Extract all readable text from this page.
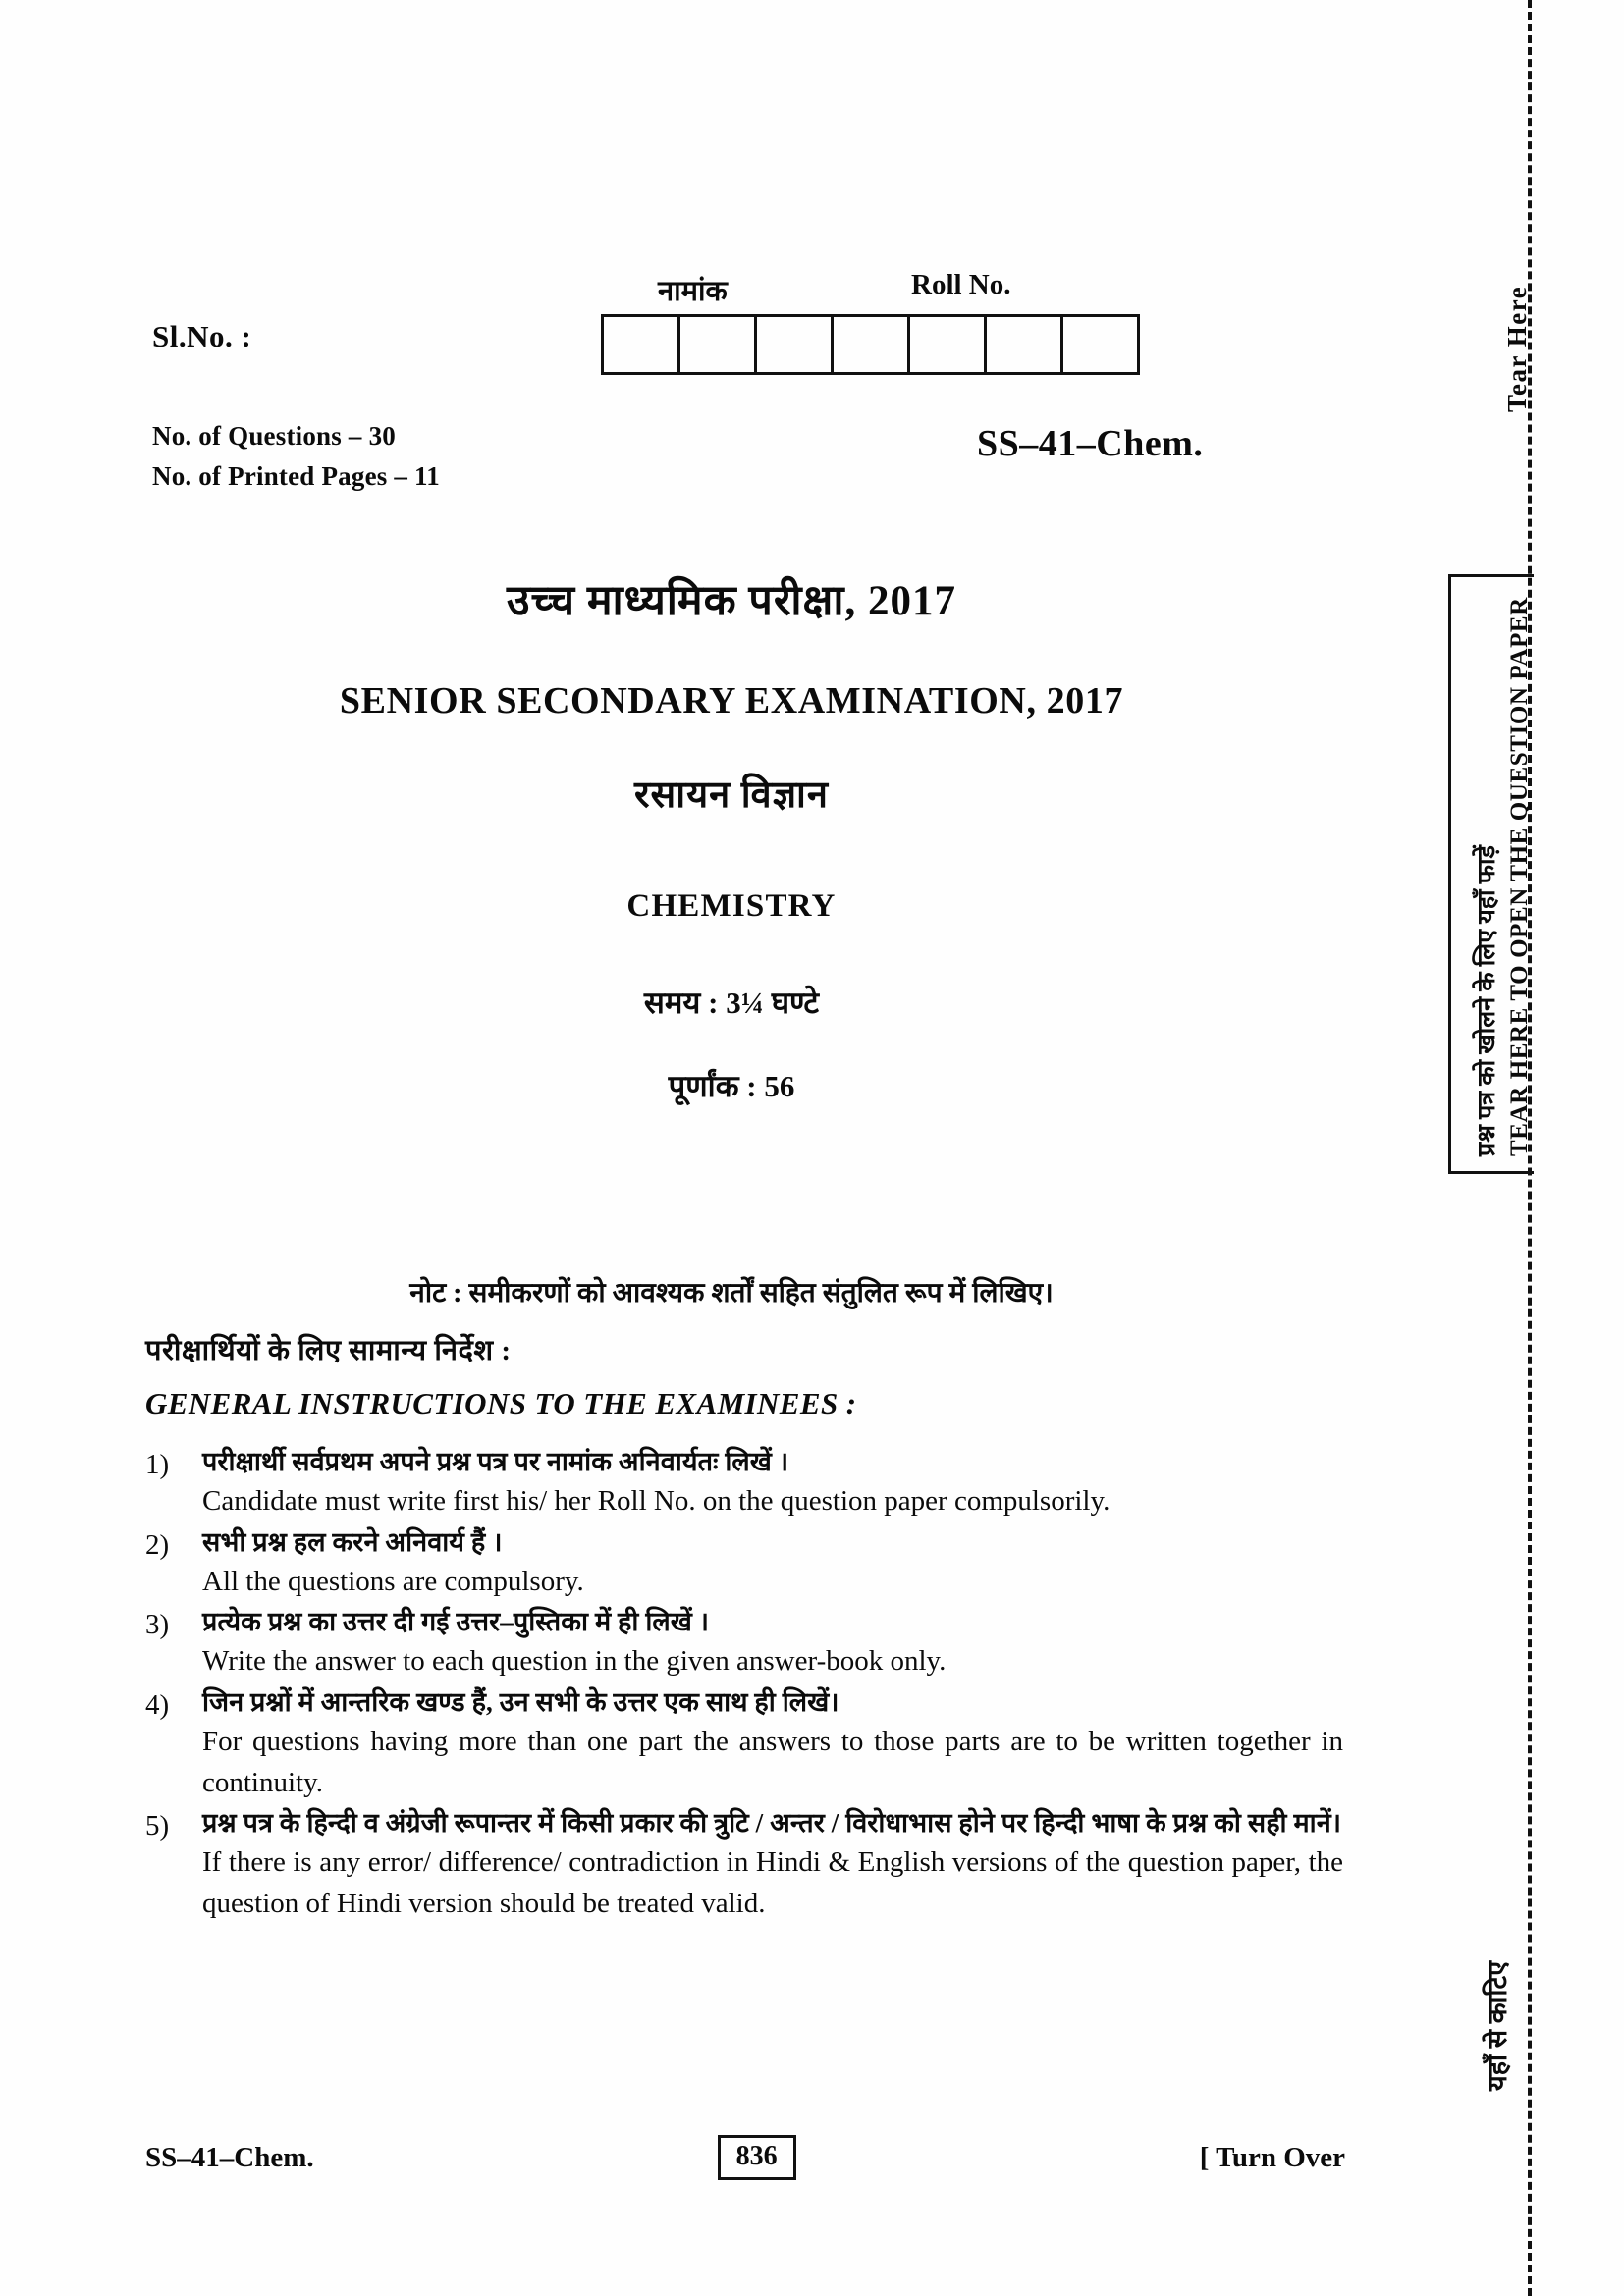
Tear Here
प्रश्न पत्र को खोलने के लिए यहाँ फाड़ें TEAR HERE TO OPEN THE QUESTION PAPER
यहाँ से काटिए
Sl.No. :
नामांक	Roll No.
No. of Questions – 30
No. of Printed Pages – 11
SS–41–Chem.
उच्च माध्यमिक परीक्षा, 2017
SENIOR SECONDARY EXAMINATION, 2017
रसायन विज्ञान
CHEMISTRY
समय : 3¼ घण्टे
पूर्णांक : 56
नोट : समीकरणों को आवश्यक शर्तों सहित संतुलित रूप में लिखिए।
परीक्षार्थियों के लिए सामान्य निर्देश :
GENERAL INSTRUCTIONS TO THE EXAMINEES :
1)	परीक्षार्थी सर्वप्रथम अपने प्रश्न पत्र पर नामांक अनिवार्यतः लिखें ।
Candidate must write first his/ her Roll No. on the question paper compulsorily.
2)	सभी प्रश्न हल करने अनिवार्य हैं ।
All the questions are compulsory.
3)	प्रत्येक प्रश्न का उत्तर दी गई उत्तर–पुस्तिका में ही लिखें ।
Write the answer to each question in the given answer-book only.
4)	जिन प्रश्नों में आन्तरिक खण्ड हैं, उन सभी के उत्तर एक साथ ही लिखें।
For questions having more than one part the answers to those parts are to be written together in continuity.
5)	प्रश्न पत्र के हिन्दी व अंग्रेजी रूपान्तर में किसी प्रकार की त्रुटि / अन्तर / विरोधाभास होने पर हिन्दी भाषा के प्रश्न को सही मानें।
If there is any error/ difference/ contradiction in Hindi & English versions of the question paper, the question of Hindi version should be treated valid.
SS–41–Chem.	836	[ Turn Over
